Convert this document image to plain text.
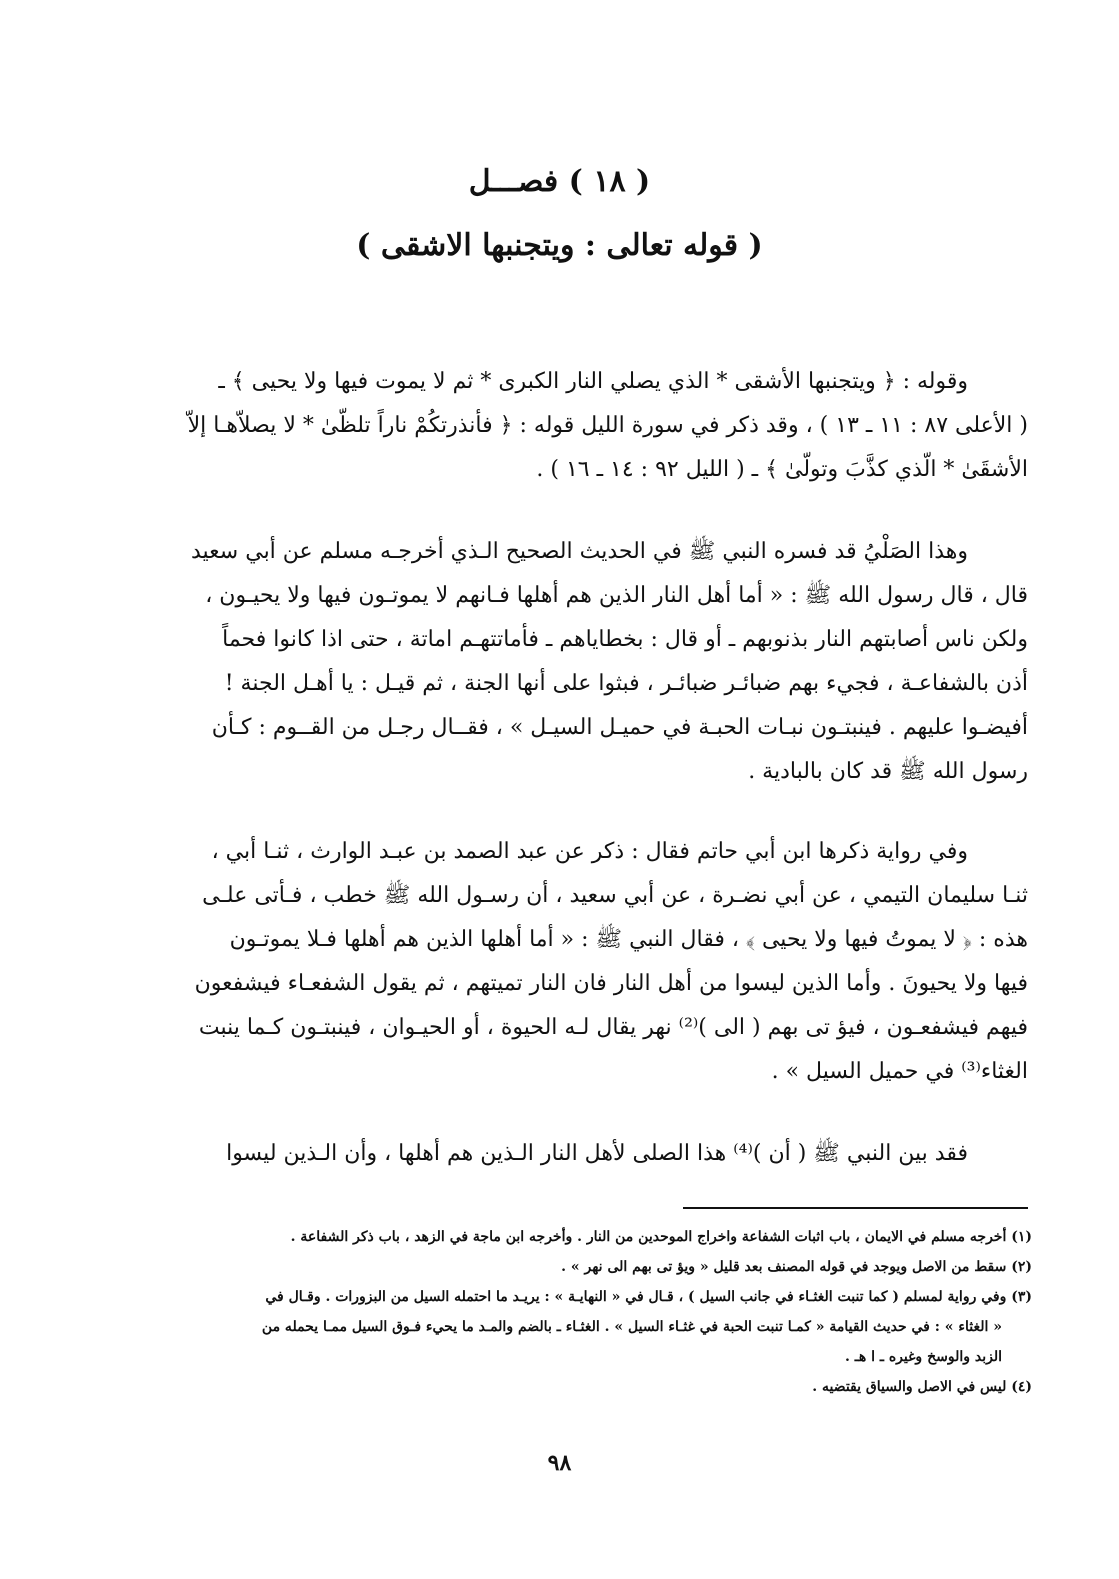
( ١٨ ) فصـــل
( قوله تعالى : ويتجنبها الاشقى )
وقوله : ﴿ ويتجنبها الأشقى * الذي يصلي النار الكبرى * ثم لا يموت فيها ولا يحيى ﴾ ـ
( الأعلى ٨٧ : ١١ ـ ١٣ ) ، وقد ذكر في سورة الليل قوله : ﴿ فأنذرتكُمْ ناراً تلظّىٰ * لا يصلاّهـا إلاّ
الأشقَىٰ * الّذي كذَّبَ وتولّىٰ ﴾ ـ ( الليل ٩٢ : ١٤ ـ ١٦ ) .
وهذا الصَلْيُ قد فسره النبي ﷺ في الحديث الصحيح الـذي أخرجـه مسلم عن أبي سعيد
قال ، قال رسول الله ﷺ : « أما أهل النار الذين هم أهلها فـانهم لا يموتـون فيها ولا يحيـون ،
ولكن ناس أصابتهم النار بذنوبهم ـ أو قال : بخطاياهم ـ فأماتتهـم اماتة ، حتى اذا كانوا فحماً
أذن بالشفاعـة ، فجيء بهم ضبائـر ضبائـر ، فبثوا على أنها الجنة ، ثم قيـل : يا أهـل الجنة !
أفيضـوا عليهم . فينبتـون نبـات الحبـة في حميـل السيـل » ، فقــال رجـل من القــوم : كـأن
رسول الله ﷺ قد كان بالبادية .
وفي رواية ذكرها ابن أبي حاتم فقال : ذكر عن عبد الصمد بن عبـد الوارث ، ثنـا أبي ،
ثنـا سليمان التيمي ، عن أبي نضـرة ، عن أبي سعيد ، أن رسـول الله ﷺ خطب ، فـأتى علـى
هذه : ﴿ لا يموتُ فيها ولا يحيى ﴾ ، فقال النبي ﷺ : « أما أهلها الذين هم أهلها فـلا يموتـون
فيها ولا يحيونَ . وأما الذين ليسوا من أهل النار فان النار تميتهم ، ثم يقول الشفعـاء فيشفعون
فيهم فيشفعـون ، فيؤ تى بهم ( الى )⁽²⁾ نهر يقال لـه الحيوة ، أو الحيـوان ، فينبتـون كـما ينبت
الغثاء⁽³⁾ في حميل السيل » .
فقد بين النبي ﷺ ( أن )⁽⁴⁾ هذا الصلى لأهل النار الـذين هم أهلها ، وأن الـذين ليسوا
(١) أخرجه مسلم في الايمان ، باب اثبات الشفاعة واخراج الموحدين من النار . وأخرجه ابن ماجة في الزهد ، باب ذكر الشفاعة .
(٢) سقط من الاصل ويوجد في قوله المصنف بعد قليل « ويؤ تى بهم الى نهر » .
(٣) وفي رواية لمسلم ( كما تنبت الغثـاء في جانب السيل ) ، قـال في « النهايـة » : يريـد ما احتمله السيل من البزورات . وقـال في
« الغثاء » : في حديث القيامة « كمـا تنبت الحبة في غثـاء السيل » . الغثـاء ـ بالضم والمـد ما يحيء فـوق السيل ممـا يحمله من
الزبد والوسخ وغيره ـ ا هـ .
(٤) ليس في الاصل والسياق يقتضيه .
٩٨
